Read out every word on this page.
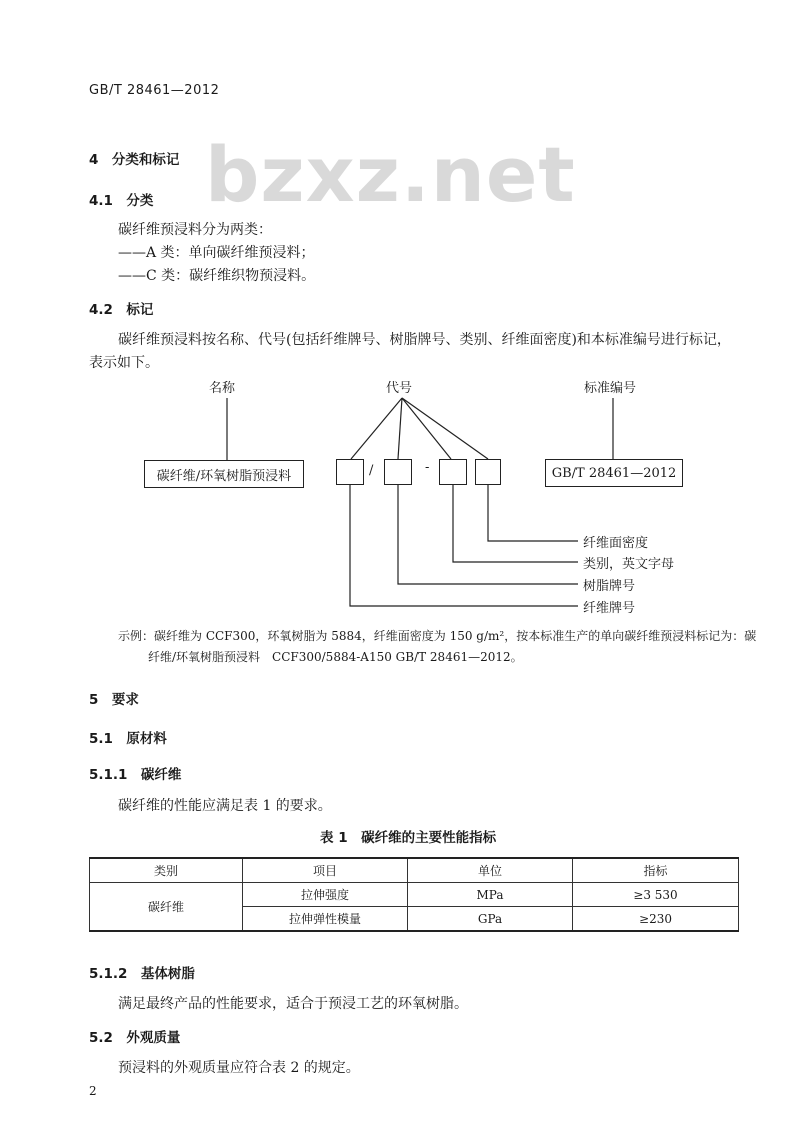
GB/T 28461—2012
bzxz.net
4　分类和标记
4.1　分类
碳纤维预浸料分为两类：
——A 类：单向碳纤维预浸料；
——C 类：碳纤维织物预浸料。
4.2　标记
碳纤维预浸料按名称、代号(包括纤维牌号、树脂牌号、类别、纤维面密度)和本标准编号进行标记，
表示如下。
名称	代号	标准编号
碳纤维/环氧树脂预浸料	/	-	GB/T 28461—2012
纤维面密度
类别，英文字母
树脂牌号
纤维牌号
示例：碳纤维为 CCF300，环氧树脂为 5884，纤维面密度为 150 g/m²，按本标准生产的单向碳纤维预浸料标记为：碳
纤维/环氧树脂预浸料　CCF300/5884-A150 GB/T 28461—2012。
5　要求
5.1　原材料
5.1.1　碳纤维
碳纤维的性能应满足表 1 的要求。
表 1　碳纤维的主要性能指标
类别	项目	单位	指标
碳纤维	拉伸强度	MPa	≥3 530
	拉伸弹性模量	GPa	≥230
5.1.2　基体树脂
满足最终产品的性能要求，适合于预浸工艺的环氧树脂。
5.2　外观质量
预浸料的外观质量应符合表 2 的规定。
2
